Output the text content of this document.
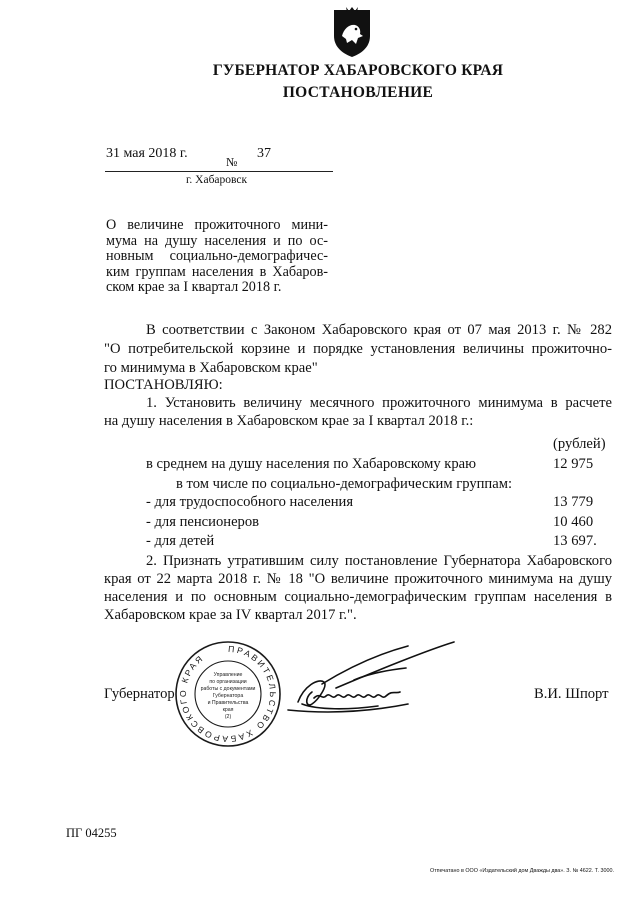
ГУБЕРНАТОР ХАБАРОВСКОГО КРАЯ
ПОСТАНОВЛЕНИЕ
31 мая 2018 г.
№
37
г. Хабаровск
О величине прожиточного мини-
мума на душу населения и по ос-
новным социально-демографичес-
ким группам населения в Хабаров-
ском крае за I квартал 2018 г.
В соответствии с Законом Хабаровского края от 07 мая 2013 г. № 282
"О потребительской корзине и порядке установления величины прожиточно-
го минимума в Хабаровском крае"
ПОСТАНОВЛЯЮ:
1. Установить величину месячного прожиточного минимума в расчете
на душу населения в Хабаровском крае за I квартал 2018 г.:
(рублей)
в среднем на душу населения по Хабаровскому краю	12 975
в том числе по социально-демографическим группам:
- для трудоспособного населения	13 779
- для пенсионеров	10 460
- для детей	13 697.
2. Признать утратившим силу постановление Губернатора Хабаровского
края от 22 марта 2018 г. № 18 "О величине прожиточного минимума на душу
населения и по основным социально-демографическим группам населения в
Хабаровском крае за IV квартал 2017 г.".
Губернатор
ПРАВИТЕЛЬСТВО ХАБАРОВСКОГО КРАЯ
Управление
по организации
работы с документами
Губернатора
и Правительства
края
(2)
В.И. Шпорт
ПГ 04255
Отпечатано в ООО «Издательский дом Дважды два». З. № 4622. Т. 3000.
